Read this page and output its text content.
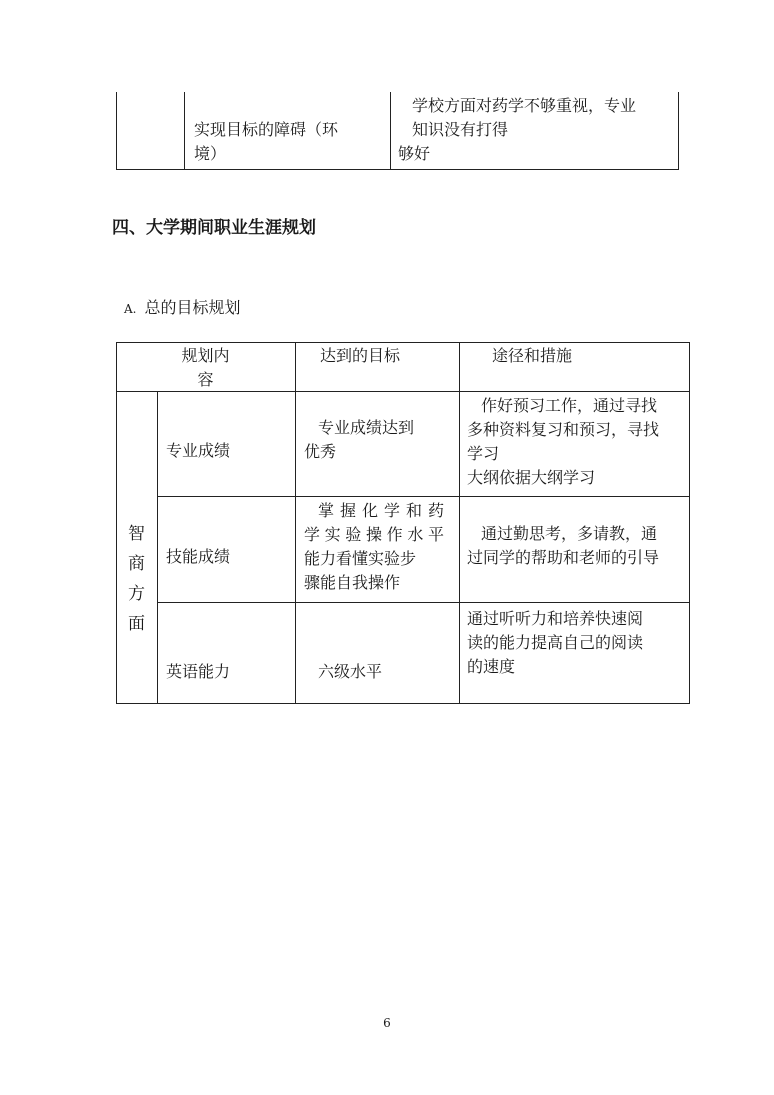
实现目标的障碍（环
境）
学校方面对药学不够重视，专业
知识没有打得
够好
四、大学期间职业生涯规划
A. 总的目标规划
规划内
容
达到的目标	途径和措施
智
商
方
面
专业成绩
专业成绩达到
优秀
作好预习工作，通过寻找
多种资料复习和预习，寻找
学习
大纲依据大纲学习
技能成绩
掌握化学和药
学实验操作水平
能力看懂实验步
骤能自我操作
通过勤思考，多请教，通
过同学的帮助和老师的引导
英语能力	六级水平
通过听听力和培养快速阅
读的能力提高自己的阅读
的速度
6
